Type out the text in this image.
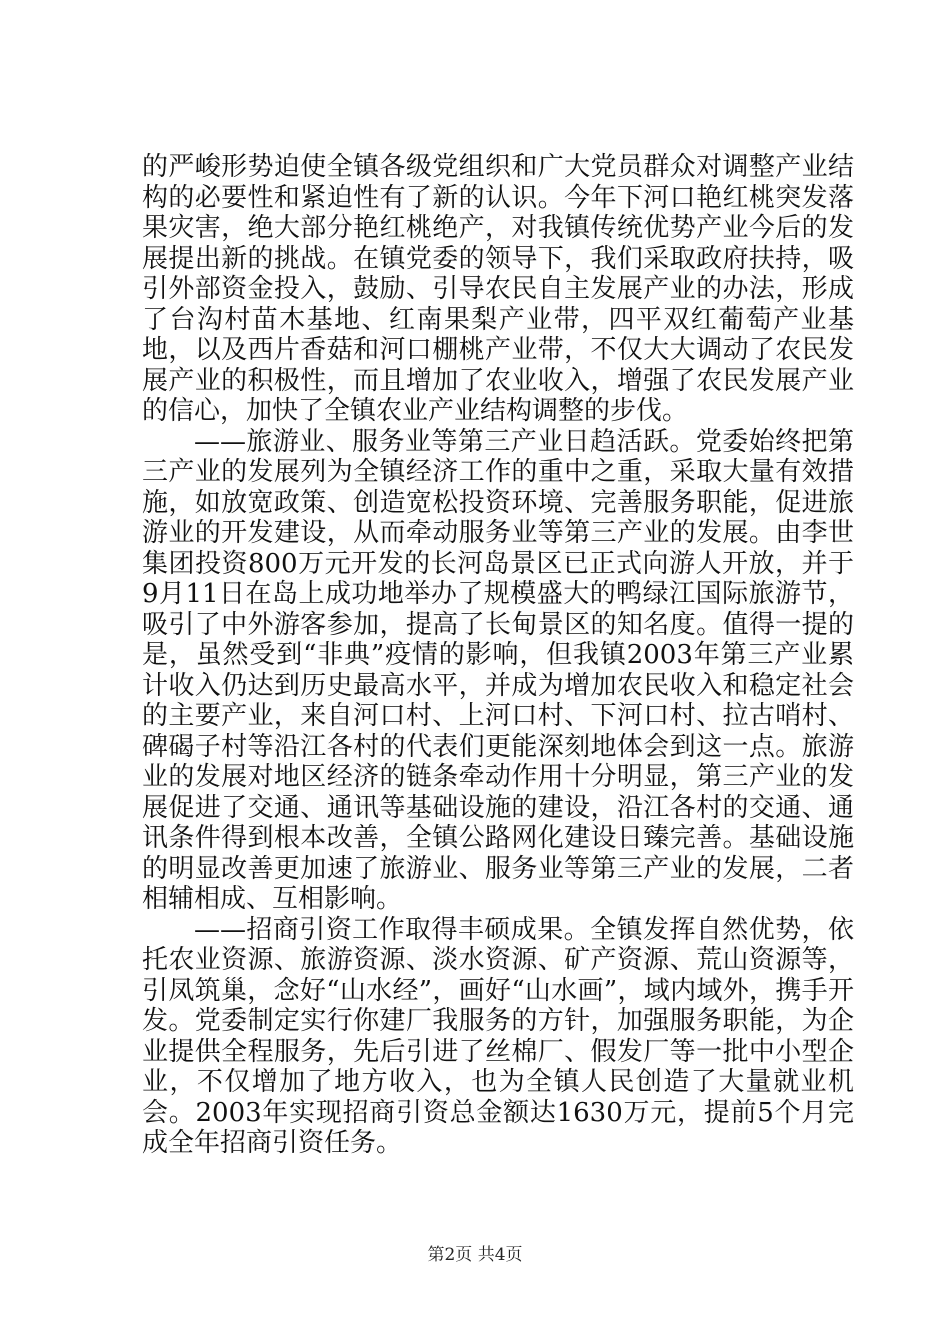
的严峻形势迫使全镇各级党组织和广大党员群众对调整产业结构的必要性和紧迫性有了新的认识。今年下河口艳红桃突发落果灾害，绝大部分艳红桃绝产，对我镇传统优势产业今后的发展提出新的挑战。在镇党委的领导下，我们采取政府扶持，吸引外部资金投入，鼓励、引导农民自主发展产业的办法，形成了台沟村苗木基地、红南果梨产业带，四平双红葡萄产业基地，以及西片香菇和河口棚桃产业带，不仅大大调动了农民发展产业的积极性，而且增加了农业收入，增强了农民发展产业的信心，加快了全镇农业产业结构调整的步伐。

——旅游业、服务业等第三产业日趋活跃。党委始终把第三产业的发展列为全镇经济工作的重中之重，采取大量有效措施，如放宽政策、创造宽松投资环境、完善服务职能，促进旅游业的开发建设，从而牵动服务业等第三产业的发展。由李世集团投资800万元开发的长河岛景区已正式向游人开放，并于9月11日在岛上成功地举办了规模盛大的鸭绿江国际旅游节，吸引了中外游客参加，提高了长甸景区的知名度。值得一提的是，虽然受到“非典”疫情的影响，但我镇2003年第三产业累计收入仍达到历史最高水平，并成为增加农民收入和稳定社会的主要产业，来自河口村、上河口村、下河口村、拉古哨村、碑碣子村等沿江各村的代表们更能深刻地体会到这一点。旅游业的发展对地区经济的链条牵动作用十分明显，第三产业的发展促进了交通、通讯等基础设施的建设，沿江各村的交通、通讯条件得到根本改善，全镇公路网化建设日臻完善。基础设施的明显改善更加速了旅游业、服务业等第三产业的发展，二者相辅相成、互相影响。

——招商引资工作取得丰硕成果。全镇发挥自然优势，依托农业资源、旅游资源、淡水资源、矿产资源、荒山资源等，引凤筑巢，念好“山水经”，画好“山水画”，域内域外，携手开发。党委制定实行你建厂我服务的方针，加强服务职能，为企业提供全程服务，先后引进了丝棉厂、假发厂等一批中小型企业，不仅增加了地方收入，也为全镇人民创造了大量就业机会。2003年实现招商引资总金额达1630万元，提前5个月完成全年招商引资任务。

第2页 共4页
